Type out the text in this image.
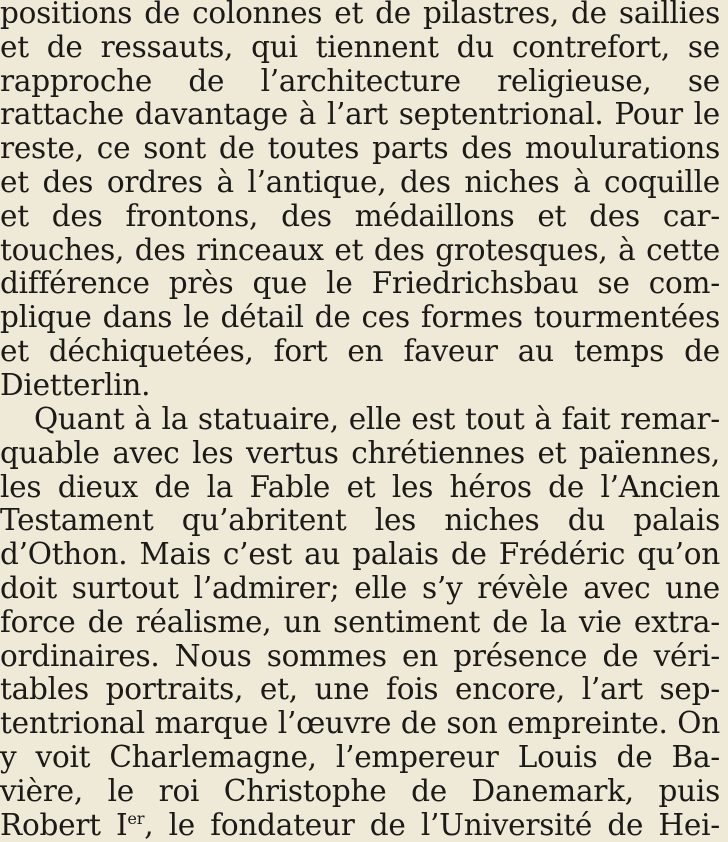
positions de colonnes et de pilastres, de saillies
et de ressauts, qui tiennent du contrefort, se
rapproche de l’architecture religieuse, se
rattache davantage à l’art septentrional. Pour le
reste, ce sont de toutes parts des moulurations
et des ordres à l’antique, des niches à coquille
et des frontons, des médaillons et des car-
touches, des rinceaux et des grotesques, à cette
différence près que le Friedrichsbau se com-
plique dans le détail de ces formes tourmentées
et déchiquetées, fort en faveur au temps de
Dietterlin.
Quant à la statuaire, elle est tout à fait remar-
quable avec les vertus chrétiennes et païennes,
les dieux de la Fable et les héros de l’Ancien
Testament qu’abritent les niches du palais
d’Othon. Mais c’est au palais de Frédéric qu’on
doit surtout l’admirer; elle s’y révèle avec une
force de réalisme, un sentiment de la vie extra-
ordinaires. Nous sommes en présence de véri-
tables portraits, et, une fois encore, l’art sep-
tentrional marque l’œuvre de son empreinte. On
y voit Charlemagne, l’empereur Louis de Ba-
vière, le roi Christophe de Danemark, puis
Robert Ier, le fondateur de l’Université de Hei-
